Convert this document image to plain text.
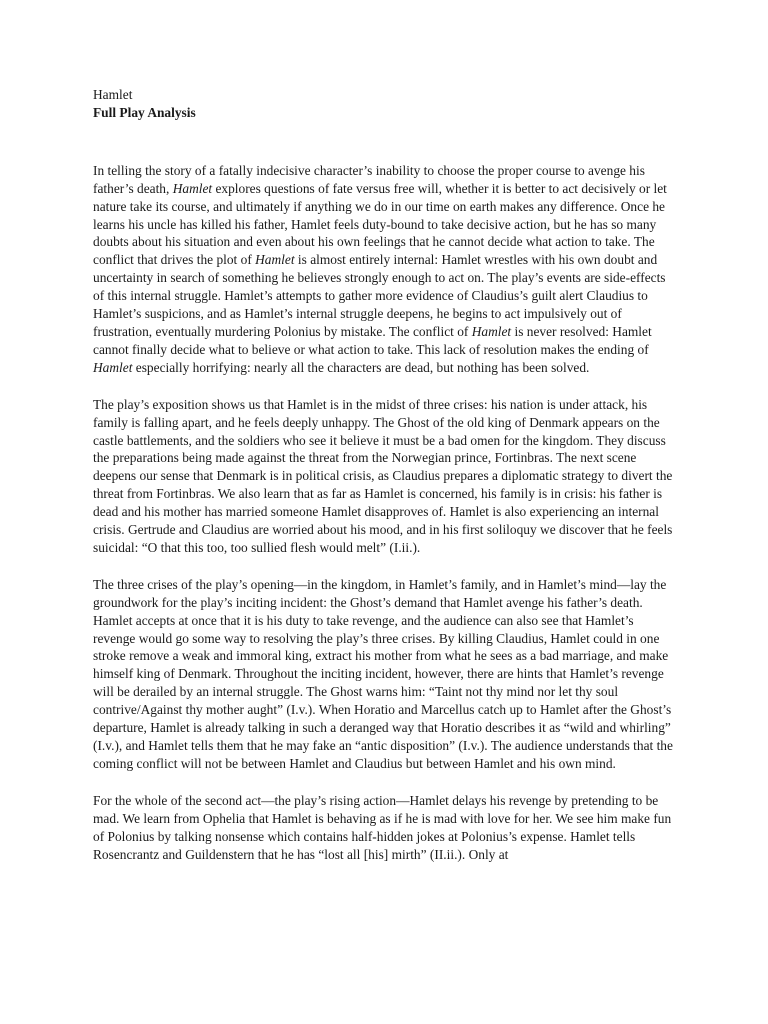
Hamlet
Full Play Analysis

In telling the story of a fatally indecisive character’s inability to choose the proper course to avenge his father’s death, Hamlet explores questions of fate versus free will, whether it is better to act decisively or let nature take its course, and ultimately if anything we do in our time on earth makes any difference. Once he learns his uncle has killed his father, Hamlet feels duty-bound to take decisive action, but he has so many doubts about his situation and even about his own feelings that he cannot decide what action to take. The conflict that drives the plot of Hamlet is almost entirely internal: Hamlet wrestles with his own doubt and uncertainty in search of something he believes strongly enough to act on. The play’s events are side-effects of this internal struggle. Hamlet’s attempts to gather more evidence of Claudius’s guilt alert Claudius to Hamlet’s suspicions, and as Hamlet’s internal struggle deepens, he begins to act impulsively out of frustration, eventually murdering Polonius by mistake. The conflict of Hamlet is never resolved: Hamlet cannot finally decide what to believe or what action to take. This lack of resolution makes the ending of Hamlet especially horrifying: nearly all the characters are dead, but nothing has been solved.

The play’s exposition shows us that Hamlet is in the midst of three crises: his nation is under attack, his family is falling apart, and he feels deeply unhappy. The Ghost of the old king of Denmark appears on the castle battlements, and the soldiers who see it believe it must be a bad omen for the kingdom. They discuss the preparations being made against the threat from the Norwegian prince, Fortinbras. The next scene deepens our sense that Denmark is in political crisis, as Claudius prepares a diplomatic strategy to divert the threat from Fortinbras. We also learn that as far as Hamlet is concerned, his family is in crisis: his father is dead and his mother has married someone Hamlet disapproves of. Hamlet is also experiencing an internal crisis. Gertrude and Claudius are worried about his mood, and in his first soliloquy we discover that he feels suicidal: “O that this too, too sullied flesh would melt” (I.ii.).

The three crises of the play’s opening—in the kingdom, in Hamlet’s family, and in Hamlet’s mind—lay the groundwork for the play’s inciting incident: the Ghost’s demand that Hamlet avenge his father’s death. Hamlet accepts at once that it is his duty to take revenge, and the audience can also see that Hamlet’s revenge would go some way to resolving the play’s three crises. By killing Claudius, Hamlet could in one stroke remove a weak and immoral king, extract his mother from what he sees as a bad marriage, and make himself king of Denmark. Throughout the inciting incident, however, there are hints that Hamlet’s revenge will be derailed by an internal struggle. The Ghost warns him: “Taint not thy mind nor let thy soul contrive/Against thy mother aught” (I.v.). When Horatio and Marcellus catch up to Hamlet after the Ghost’s departure, Hamlet is already talking in such a deranged way that Horatio describes it as “wild and whirling” (I.v.), and Hamlet tells them that he may fake an “antic disposition” (I.v.). The audience understands that the coming conflict will not be between Hamlet and Claudius but between Hamlet and his own mind.

For the whole of the second act—the play’s rising action—Hamlet delays his revenge by pretending to be mad. We learn from Ophelia that Hamlet is behaving as if he is mad with love for her. We see him make fun of Polonius by talking nonsense which contains half-hidden jokes at Polonius’s expense. Hamlet tells Rosencrantz and Guildenstern that he has “lost all [his] mirth” (II.ii.). Only at
